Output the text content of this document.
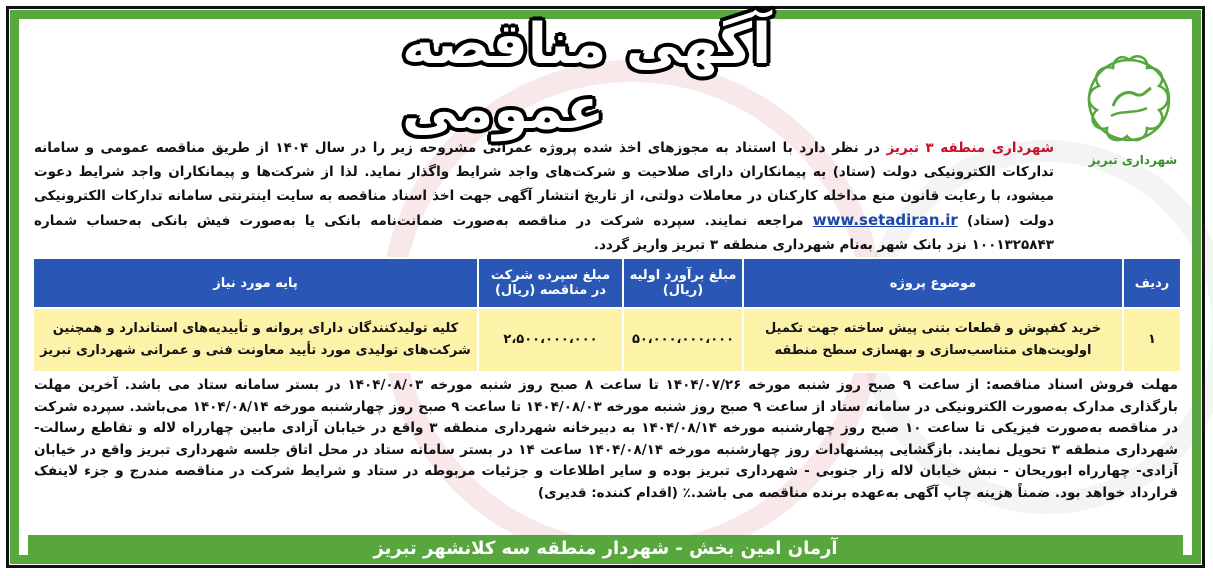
شهرداری تبریز
آگهی مناقصه عمومی
شهرداری منطقه ۳ تبریز در نظر دارد با استناد به مجوزهای اخذ شده پروژه عمرانی مشروحه زیر را در سال ۱۴۰۴ از طریق مناقصه عمومی و سامانه تدارکات الکترونیکی دولت (ستاد) به پیمانکاران دارای صلاحیت و شرکت‌های واجد شرایط واگذار نماید. لذا از شرکت‌ها و پیمانکاران واجد شرایط دعوت میشود، با رعایت قانون منع مداخله کارکنان در معاملات دولتی، از تاریخ انتشار آگهی جهت اخذ اسناد مناقصه به سایت اینترنتی سامانه تدارکات الکترونیکی دولت (ستاد) www.setadiran.ir مراجعه نمایند. سپرده شرکت در مناقصه به‌صورت ضمانت‌نامه بانکی یا به‌صورت فیش بانکی به‌حساب شماره ۱۰۰۱۳۲۵۸۴۳ نزد بانک شهر به‌نام شهرداری منطقه ۳ تبریز واریز گردد.
ردیف	موضوع پروژه	مبلغ برآورد اولیه (ریال)	مبلغ سپرده شرکت در مناقصه (ریال)	پایه مورد نیاز
۱	خرید کفپوش و قطعات بتنی پیش ساخته جهت تکمیل اولویت‌های متناسب‌سازی و بهسازی سطح منطقه	۵۰،۰۰۰،۰۰۰،۰۰۰	۲،۵۰۰،۰۰۰،۰۰۰	کلیه تولیدکنندگان دارای پروانه و تأییدیه‌های استاندارد و همچنین شرکت‌های تولیدی مورد تأیید معاونت فنی و عمرانی شهرداری تبریز
مهلت فروش اسناد مناقصه: از ساعت ۹ صبح روز شنبه مورخه ۱۴۰۴/۰۷/۲۶ تا ساعت ۸ صبح روز شنبه مورخه ۱۴۰۴/۰۸/۰۳ در بستر سامانه ستاد می باشد. آخرین مهلت بارگذاری مدارک به‌صورت الکترونیکی در سامانه ستاد از ساعت ۹ صبح روز شنبه مورخه ۱۴۰۴/۰۸/۰۳ تا ساعت ۹ صبح روز چهارشنبه مورخه ۱۴۰۴/۰۸/۱۴ می‌باشد. سپرده شرکت در مناقصه به‌صورت فیزیکی تا ساعت ۱۰ صبح روز چهارشنبه مورخه ۱۴۰۴/۰۸/۱۴ به دبیرخانه شهرداری منطقه ۳ واقع در خیابان آزادی مابین چهارراه لاله و تقاطع رسالت- شهرداری منطقه ۳ تحویل نمایند. بازگشایی پیشنهادات روز چهارشنبه مورخه ۱۴۰۴/۰۸/۱۴ ساعت ۱۴ در بستر سامانه ستاد در محل اتاق جلسه شهرداری تبریز واقع در خیابان آزادی- چهارراه ابوریحان - نبش خیابان لاله زار جنوبی - شهرداری تبریز بوده و سایر اطلاعات و جزئیات مربوطه در ستاد و شرایط شرکت در مناقصه مندرج و جزء لاینفک قرارداد خواهد بود. ضمناً هزینه چاپ آگهی به‌عهده برنده مناقصه می باشد.٪ (اقدام کننده: قدیری)
آرمان امین بخش - شهردار منطقه سه کلانشهر تبریز
